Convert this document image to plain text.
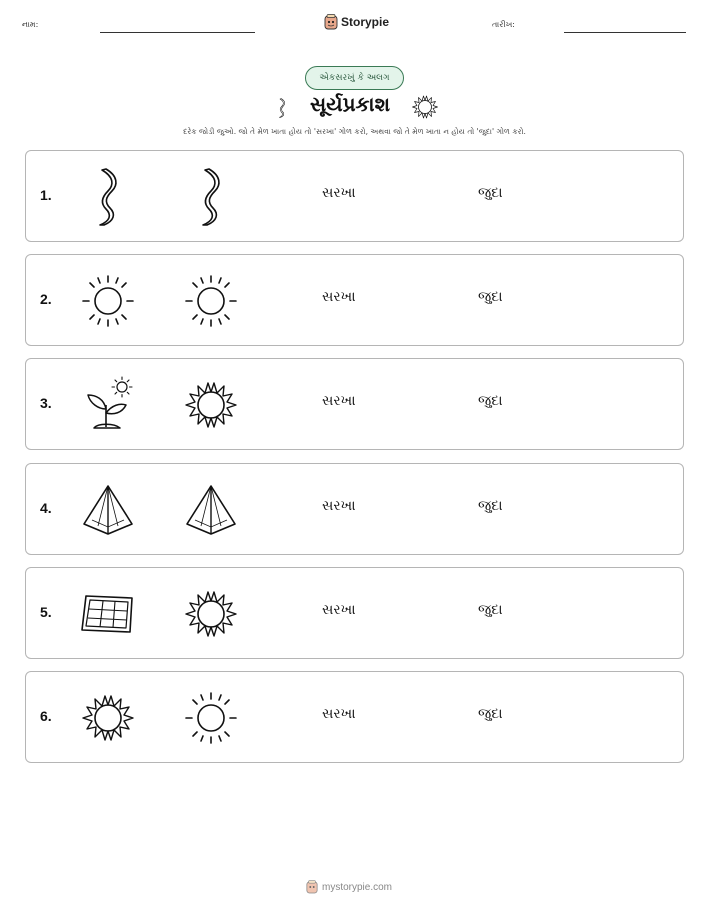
નામ:	Storypie	તારીખ:
એકસરખું કે અલગ
સૂર્યપ્રકાશ
દરેક જોડી જુઓ. જો તે મેળ ખાતા હોય તો 'સરખા' ગોળ કરો, અથવા જો તે મેળ ખાતા ન હોય તો 'જુદા' ગોળ કરો.
1.	સરખા	જુદા
2.	સરખા	જુદા
3.	સરખા	જુદા
4.	સરખા	જુદા
5.	સરખા	જુદા
6.	સરખા	જુદા
mystorypie.com
